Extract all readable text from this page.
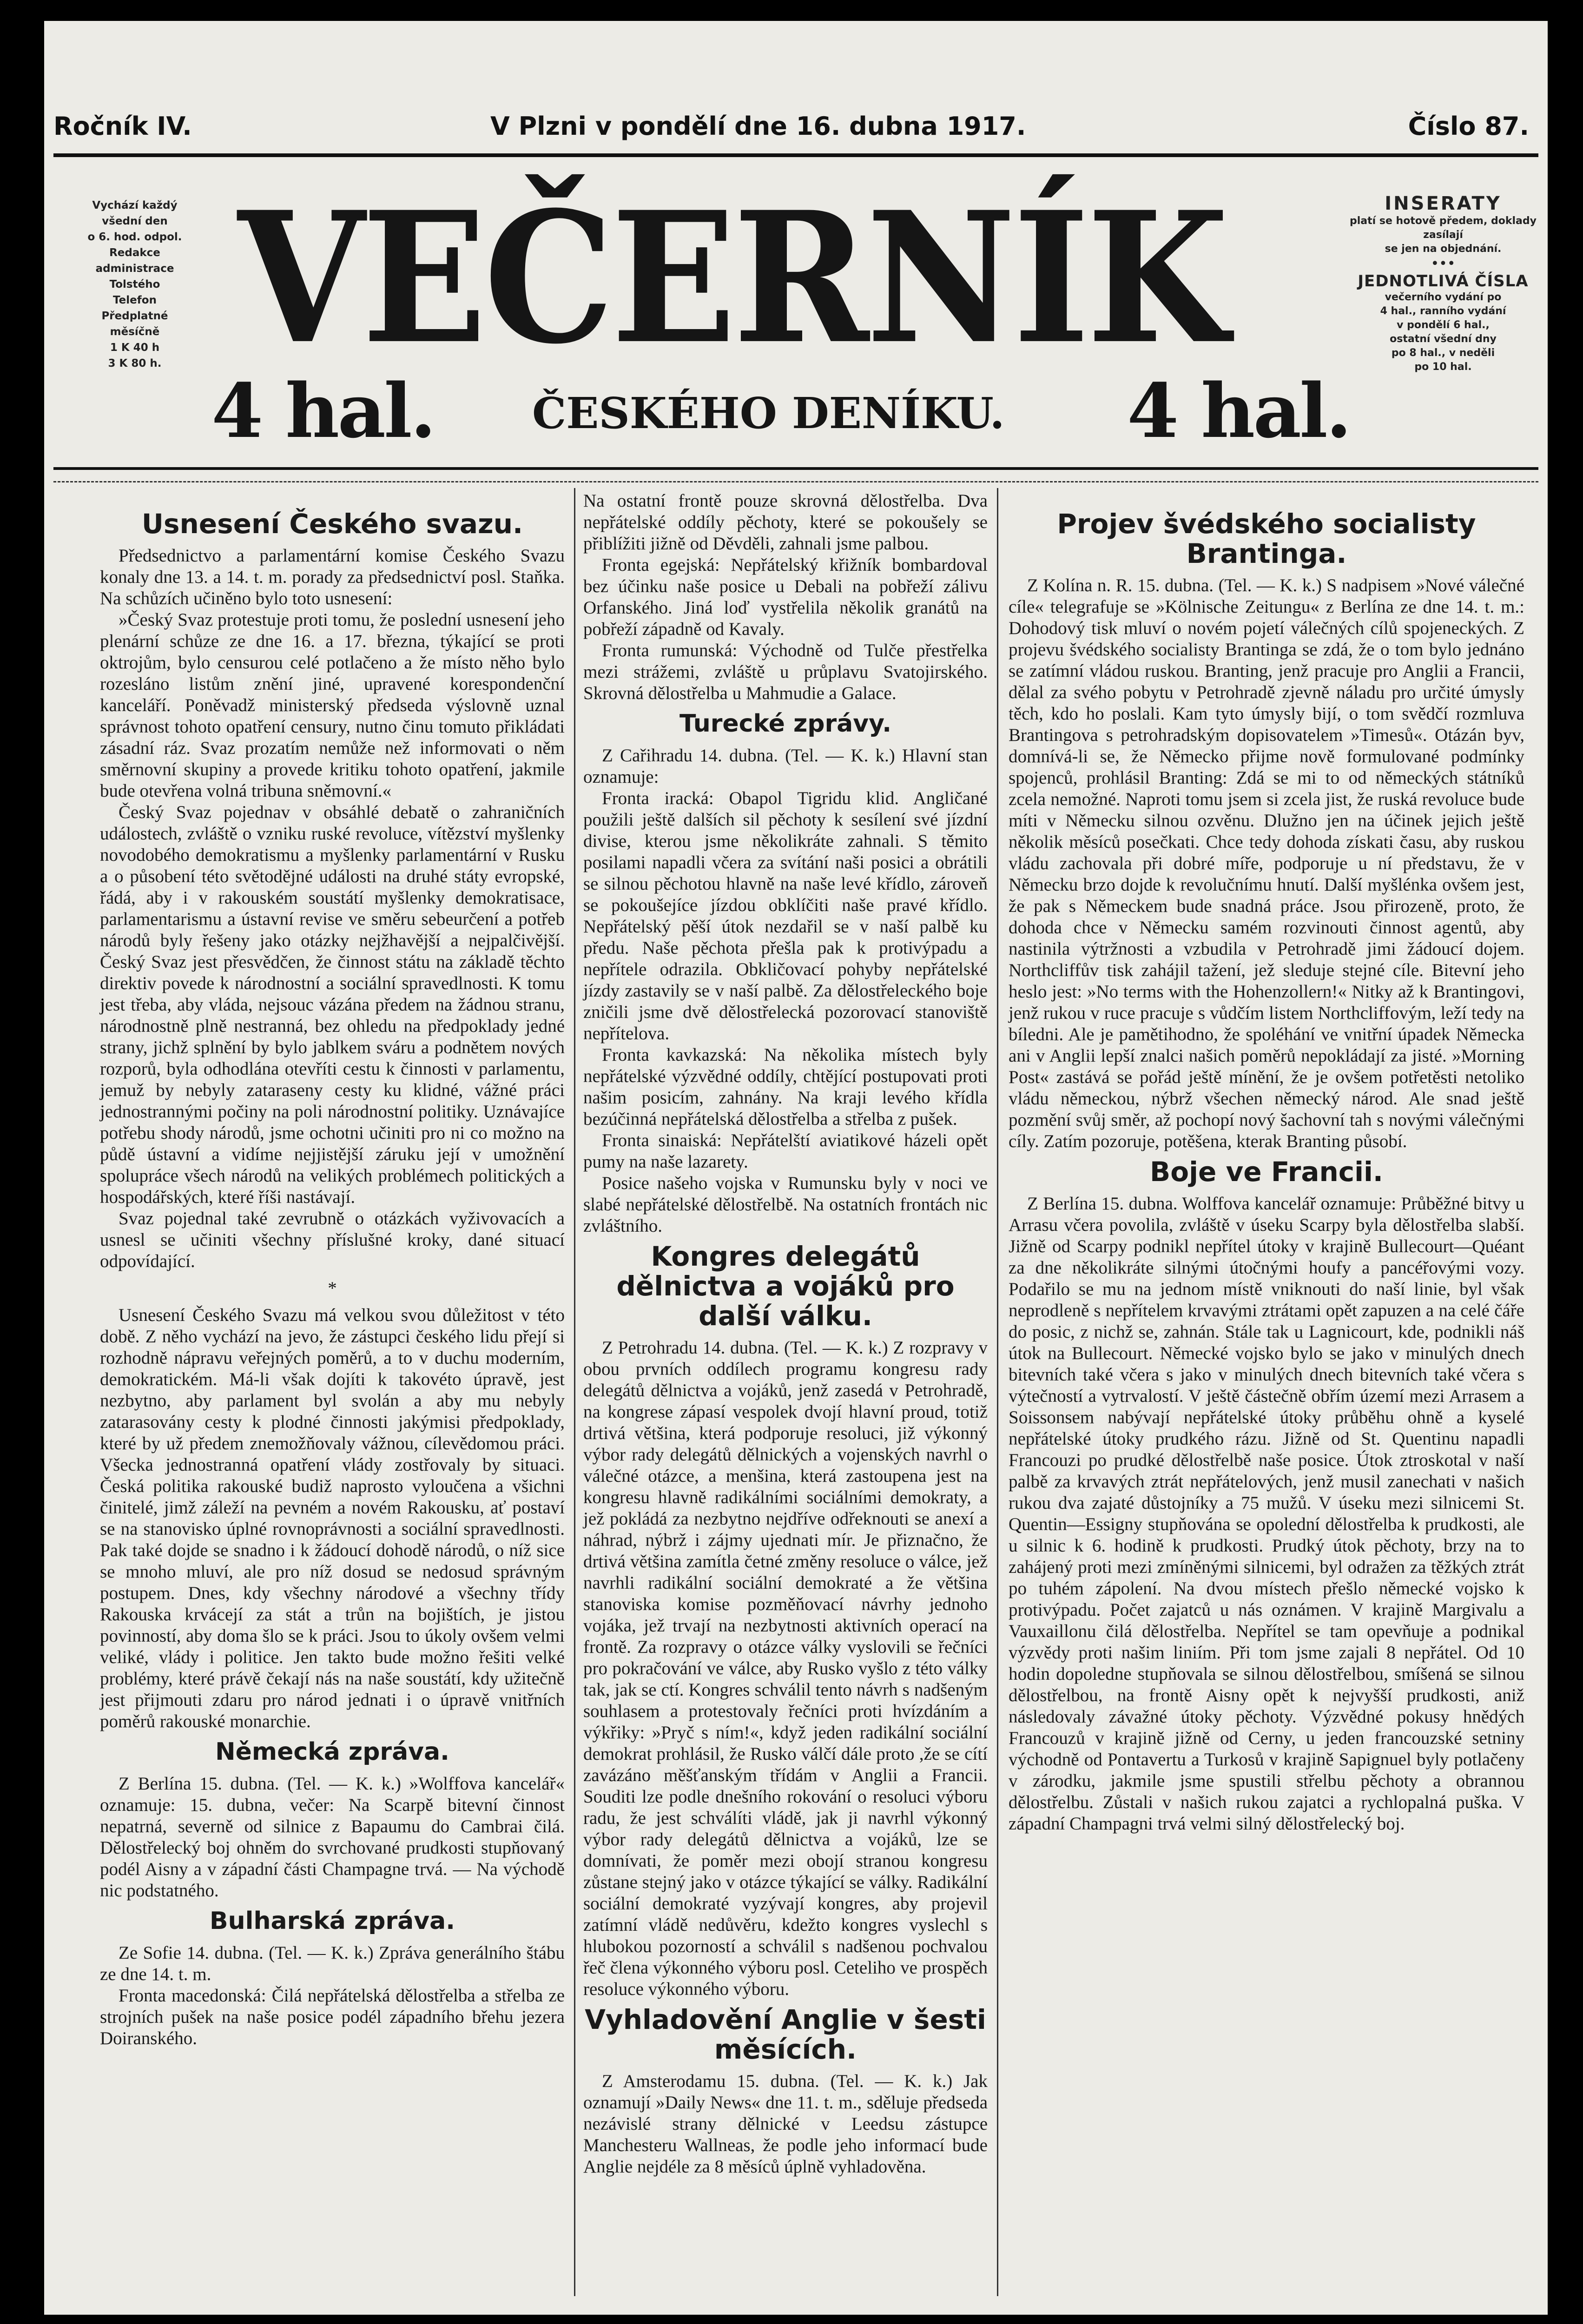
Ročník IV.	V Plzni v pondělí dne 16. dubna 1917.	Číslo 87.
Vychází každý
všední den
o 6. hod. odpol.
Redakce
administrace
Tolstého
Telefon
Předplatné
měsíčně
1 K 40 h
3 K 80 h. VEČERNÍK
4 hal. ČESKÉHO DENÍKU. 4 hal.
INSERATY
platí se hotově předem, doklady zasílají
se jen na objednání.
•••
JEDNOTLIVÁ ČÍSLA
večerního vydání po
4 hal., ranního vydání
v pondělí 6 hal.,
ostatní všední dny
po 8 hal., v neděli
po 10 hal.
Usnesení Českého svazu.

Předsednictvo a parlamentární komise Českého Svazu konaly dne 13. a 14. t. m. porady za předsednictví posl. Staňka. Na schůzích učiněno bylo toto usnesení:

»Český Svaz protestuje proti tomu, že poslední usnesení jeho plenární schůze ze dne 16. a 17. března, týkající se proti oktrojům, bylo censurou celé potlačeno a že místo něho bylo rozesláno listům znění jiné, upravené korespondenční kanceláří. Poněvadž ministerský předseda výslovně uznal správnost tohoto opatření censury, nutno činu tomuto přikládati zásadní ráz. Svaz prozatím nemůže než informovati o něm směrnovní skupiny a provede kritiku tohoto opatření, jakmile bude otevřena volná tribuna sněmovní.«

Český Svaz pojednav v obsáhlé debatě o zahraničních událostech, zvláště o vzniku ruské revoluce, vítězství myšlenky novodobého demokratismu a myšlenky parlamentární v Rusku a o působení této světodějné události na druhé státy evropské, řádá, aby i v rakouském soustátí myšlenky demokratisace, parlamentarismu a ústavní revise ve směru sebeurčení a potřeb národů byly řešeny jako otázky nejžhavější a nejpalčivější. Český Svaz jest přesvědčen, že činnost státu na základě těchto direktiv povede k národnostní a sociální spravedlnosti. K tomu jest třeba, aby vláda, nejsouc vázána předem na žádnou stranu, národnostně plně nestranná, bez ohledu na předpoklady jedné strany, jichž splnění by bylo jablkem sváru a podnětem nových rozporů, byla odhodlána otevříti cestu k činnosti v parlamentu, jemuž by nebyly zataraseny cesty ku klidné, vážné práci jednostrannými počiny na poli národnostní politiky. Uznávajíce potřebu shody národů, jsme ochotni učiniti pro ni co možno na půdě ústavní a vidíme nejjistější záruku její v umožnění spolupráce všech národů na velikých problémech politických a hospodářských, které říši nastávají.

Svaz pojednal také zevrubně o otázkách vyživovacích a usnesl se učiniti všechny příslušné kroky, dané situací odpovídající.

*

Usnesení Českého Svazu má velkou svou důležitost v této době. Z něho vychází na jevo, že zástupci českého lidu přejí si rozhodně nápravu veřejných poměrů, a to v duchu moderním, demokratickém. Má-li však dojíti k takovéto úpravě, jest nezbytno, aby parlament byl svolán a aby mu nebyly zatarasovány cesty k plodné činnosti jakýmisi předpoklady, které by už předem znemožňovaly vážnou, cílevědomou práci. Všecka jednostranná opatření vlády zostřovaly by situaci. Česká politika rakouské budiž naprosto vyloučena a všichni činitelé, jimž záleží na pevném a novém Rakousku, ať postaví se na stanovisko úplné rovnoprávnosti a sociální spravedlnosti. Pak také dojde se snadno i k žádoucí dohodě národů, o níž sice se mnoho mluví, ale pro níž dosud se nedosud správným postupem. Dnes, kdy všechny národové a všechny třídy Rakouska krvácejí za stát a trůn na bojištích, je jistou povinností, aby doma šlo se k práci. Jsou to úkoly ovšem velmi veliké, vlády i politice. Jen takto bude možno řešiti velké problémy, které právě čekají nás na naše soustátí, kdy užitečně jest přijmouti zdaru pro národ jednati i o úpravě vnitřních poměrů rakouské monarchie.

Německá zpráva.

Z Berlína 15. dubna. (Tel. — K. k.) »Wolffova kancelář« oznamuje: 15. dubna, večer: Na Scarpě bitevní činnost nepatrná, severně od silnice z Bapaumu do Cambrai čilá. Dělostřelecký boj ohněm do svrchované prudkosti stupňovaný podél Aisny a v západní části Champagne trvá. — Na východě nic podstatného.

Bulharská zpráva.

Ze Sofie 14. dubna. (Tel. — K. k.) Zpráva generálního štábu ze dne 14. t. m.

Fronta macedonská: Čilá nepřátelská dělostřelba a střelba ze strojních pušek na naše posice podél západního břehu jezera Doiranského.

Na ostatní frontě pouze skrovná dělostřelba. Dva nepřátelské oddíly pěchoty, které se pokoušely se přiblížiti jižně od Děvděli, zahnali jsme palbou.

Fronta egejská: Nepřátelský křižník bombardoval bez účinku naše posice u Debali na pobřeží zálivu Orfanského. Jiná loď vystřelila několik granátů na pobřeží západně od Kavaly.

Fronta rumunská: Východně od Tulče přestřelka mezi strážemi, zvláště u průplavu Svatojirského. Skrovná dělostřelba u Mahmudie a Galace.

Turecké zprávy.

Z Cařihradu 14. dubna. (Tel. — K. k.) Hlavní stan oznamuje:

Fronta iracká: Obapol Tigridu klid. Angličané použili ještě dalších sil pěchoty k sesílení své jízdní divise, kterou jsme několikráte zahnali. S těmito posilami napadli včera za svítání naši posici a obrátili se silnou pěchotou hlavně na naše levé křídlo, zároveň se pokoušejíce jízdou obklíčiti naše pravé křídlo. Nepřátelský pěší útok nezdařil se v naší palbě ku předu. Naše pěchota přešla pak k protivýpadu a nepřítele odrazila. Obkličovací pohyby nepřátelské jízdy zastavily se v naší palbě. Za dělostřeleckého boje zničili jsme dvě dělostřelecká pozorovací stanoviště nepřítelova.

Fronta kavkazská: Na několika místech byly nepřátelské výzvědné oddíly, chtějící postupovati proti našim posicím, zahnány. Na kraji levého křídla bezúčinná nepřátelská dělostřelba a střelba z pušek.

Fronta sinaiská: Nepřátelští aviatikové házeli opět pumy na naše lazarety.

Posice našeho vojska v Rumunsku byly v noci ve slabé nepřátelské dělostřelbě. Na ostatních frontách nic zvláštního.

Kongres delegátů dělnictva a vojáků pro další válku.

Z Petrohradu 14. dubna. (Tel. — K. k.) Z rozpravy v obou prvních oddílech programu kongresu rady delegátů dělnictva a vojáků, jenž zasedá v Petrohradě, na kongrese zápasí vespolek dvojí hlavní proud, totiž drtivá většina, která podporuje resoluci, již výkonný výbor rady delegátů dělnických a vojenských navrhl o válečné otázce, a menšina, která zastoupena jest na kongresu hlavně radikálními sociálními demokraty, a jež pokládá za nezbytno nejdříve odřeknouti se anexí a náhrad, nýbrž i zájmy ujednati mír. Je přiznačno, že drtivá většina zamítla četné změny resoluce o válce, jež navrhli radikální sociální demokraté a že většina stanoviska komise pozměňovací návrhy jednoho vojáka, jež trvají na nezbytnosti aktivních operací na frontě. Za rozpravy o otázce války vyslovili se řečníci pro pokračování ve válce, aby Rusko vyšlo z této války tak, jak se ctí. Kongres schválil tento návrh s nadšeným souhlasem a protestovaly řečníci proti hvízdáním a výkřiky: »Pryč s ním!«, když jeden radikální sociální demokrat prohlásil, že Rusko válčí dále proto ,že se cítí zavázáno měšťanským třídám v Anglii a Francii. Souditi lze podle dnešního rokování o resoluci výboru radu, že jest schválíti vládě, jak ji navrhl výkonný výbor rady delegátů dělnictva a vojáků, lze se domnívati, že poměr mezi obojí stranou kongresu zůstane stejný jako v otázce týkající se války. Radikální sociální demokraté vyzývají kongres, aby projevil zatímní vládě nedůvěru, kdežto kongres vyslechl s hlubokou pozorností a schválil s nadšenou pochvalou řeč člena výkonného výboru posl. Ceteliho ve prospěch resoluce výkonného výboru.

Vyhladovění Anglie v šesti měsících.

Z Amsterodamu 15. dubna. (Tel. — K. k.) Jak oznamují »Daily News« dne 11. t. m., sděluje předseda nezávislé strany dělnické v Leedsu zástupce Manchesteru Wallneas, že podle jeho informací bude Anglie nejdéle za 8 měsíců úplně vyhladověna.

Projev švédského socialisty Brantinga.

Z Kolína n. R. 15. dubna. (Tel. — K. k.) S nadpisem »Nové válečné cíle« telegrafuje se »Kölnische Zeitungu« z Berlína ze dne 14. t. m.: Dohodový tisk mluví o novém pojetí válečných cílů spojeneckých. Z projevu švédského socialisty Brantinga se zdá, že o tom bylo jednáno se zatímní vládou ruskou. Branting, jenž pracuje pro Anglii a Francii, dělal za svého pobytu v Petrohradě zjevně náladu pro určité úmysly těch, kdo ho poslali. Kam tyto úmysly bijí, o tom svědčí rozmluva Brantingova s petrohradským dopisovatelem »Timesů«. Otázán byv, domnívá-li se, že Německo přijme nově formulované podmínky spojenců, prohlásil Branting: Zdá se mi to od německých státníků zcela nemožné. Naproti tomu jsem si zcela jist, že ruská revoluce bude míti v Německu silnou ozvěnu. Dlužno jen na účinek jejich ještě několik měsíců posečkati. Chce tedy dohoda získati času, aby ruskou vládu zachovala při dobré míře, podporuje u ní představu, že v Německu brzo dojde k revolučnímu hnutí. Další myšlénka ovšem jest, že pak s Německem bude snadná práce. Jsou přirozeně, proto, že dohoda chce v Německu samém rozvinouti činnost agentů, aby nastinila výtržnosti a vzbudila v Petrohradě jimi žádoucí dojem. Northcliffův tisk zahájil tažení, jež sleduje stejné cíle. Bitevní jeho heslo jest: »No terms with the Hohenzollern!« Nitky až k Brantingovi, jenž rukou v ruce pracuje s vůdčím listem Northcliffovým, leží tedy na bíledni. Ale je pamětihodno, že spoléhání ve vnitřní úpadek Německa ani v Anglii lepší znalci našich poměrů nepokládají za jisté. »Morning Post« zastává se pořád ještě mínění, že je ovšem potřetěsti netoliko vládu německou, nýbrž všechen německý národ. Ale snad ještě pozmění svůj směr, až pochopí nový šachovní tah s novými válečnými cíly. Zatím pozoruje, potěšena, kterak Branting působí.

Boje ve Francii.

Z Berlína 15. dubna. Wolffova kancelář oznamuje: Průběžné bitvy u Arrasu včera povolila, zvláště v úseku Scarpy byla dělostřelba slabší. Jižně od Scarpy podnikl nepřítel útoky v krajině Bullecourt—Quéant za dne několikráte silnými útočnými houfy a pancéřovými vozy. Podařilo se mu na jednom místě vniknouti do naší linie, byl však neprodleně s nepřítelem krvavými ztrátami opět zapuzen a na celé čáře do posic, z nichž se, zahnán. Stále tak u Lagnicourt, kde, podnikli náš útok na Bullecourt. Německé vojsko bylo se jako v minulých dnech bitevních také včera s jako v minulých dnech bitevních také včera s výtečností a vytrvalostí. V ještě částečně obřím území mezi Arrasem a Soissonsem nabývají nepřátelské útoky průběhu ohně a kyselé nepřátelské útoky prudkého rázu. Jižně od St. Quentinu napadli Francouzi po prudké dělostřelbě naše posice. Útok ztroskotal v naší palbě za krvavých ztrát nepřátelových, jenž musil zanechati v našich rukou dva zajaté důstojníky a 75 mužů. V úseku mezi silnicemi St. Quentin—Essigny stupňována se opolední dělostřelba k prudkosti, ale u silnic k 6. hodině k prudkosti. Prudký útok pěchoty, brzy na to zahájený proti mezi zmíněnými silnicemi, byl odražen za těžkých ztrát po tuhém zápolení. Na dvou místech přešlo německé vojsko k protivýpadu. Počet zajatců u nás oznámen. V krajině Margivalu a Vauxaillonu čilá dělostřelba. Nepřítel se tam opevňuje a podnikal výzvědy proti našim liniím. Při tom jsme zajali 8 nepřátel. Od 10 hodin dopoledne stupňovala se silnou dělostřelbou, smíšená se silnou dělostřelbou, na frontě Aisny opět k nejvyšší prudkosti, aniž následovaly závažné útoky pěchoty. Výzvědné pokusy hnědých Francouzů v krajině jižně od Cerny, u jeden francouzské setniny východně od Pontavertu a Turkosů v krajině Sapignuel byly potlačeny v zárodku, jakmile jsme spustili střelbu pěchoty a obrannou dělostřelbu. Zůstali v našich rukou zajatci a rychlopalná puška. V západní Champagni trvá velmi silný dělostřelecký boj.
